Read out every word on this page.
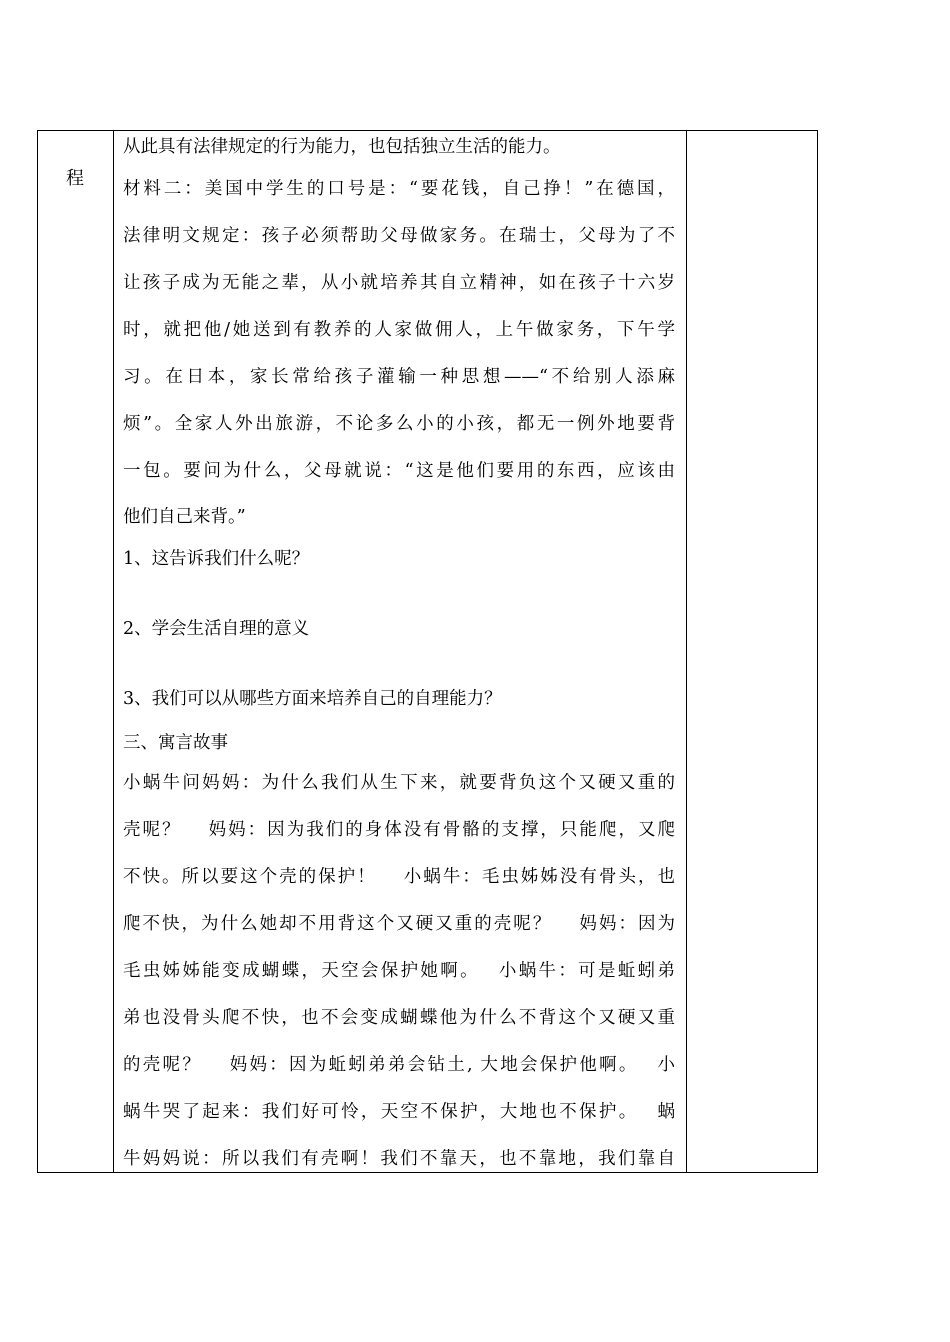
程
从此具有法律规定的行为能力，也包括独立生活的能力。
材料二：美国中学生的口号是：“要花钱，自己挣！”在德国，
法律明文规定：孩子必须帮助父母做家务。在瑞士，父母为了不
让孩子成为无能之辈，从小就培养其自立精神，如在孩子十六岁
时，就把他/她送到有教养的人家做佣人，上午做家务，下午学
习。在日本，家长常给孩子灌输一种思想——“不给别人添麻
烦”。全家人外出旅游，不论多么小的小孩，都无一例外地要背
一包。要问为什么，父母就说：“这是他们要用的东西，应该由
他们自己来背。”
1、这告诉我们什么呢？
2、学会生活自理的意义
3、我们可以从哪些方面来培养自己的自理能力？
三、寓言故事
小蜗牛问妈妈：为什么我们从生下来，就要背负这个又硬又重的
壳呢？　 妈妈：因为我们的身体没有骨骼的支撑，只能爬，又爬
不快。所以要这个壳的保护！　 小蜗牛：毛虫姊姊没有骨头，也
爬不快，为什么她却不用背这个又硬又重的壳呢？　 妈妈：因为
毛虫姊姊能变成蝴蝶，天空会保护她啊。　 小蜗牛：可是蚯蚓弟
弟也没骨头爬不快，也不会变成蝴蝶他为什么不背这个又硬又重
的壳呢？　 妈妈：因为蚯蚓弟弟会钻土, 大地会保护他啊。　 小
蜗牛哭了起来：我们好可怜，天空不保护，大地也不保护。　 蜗
牛妈妈说：所以我们有壳啊！我们不靠天，也不靠地，我们靠自
